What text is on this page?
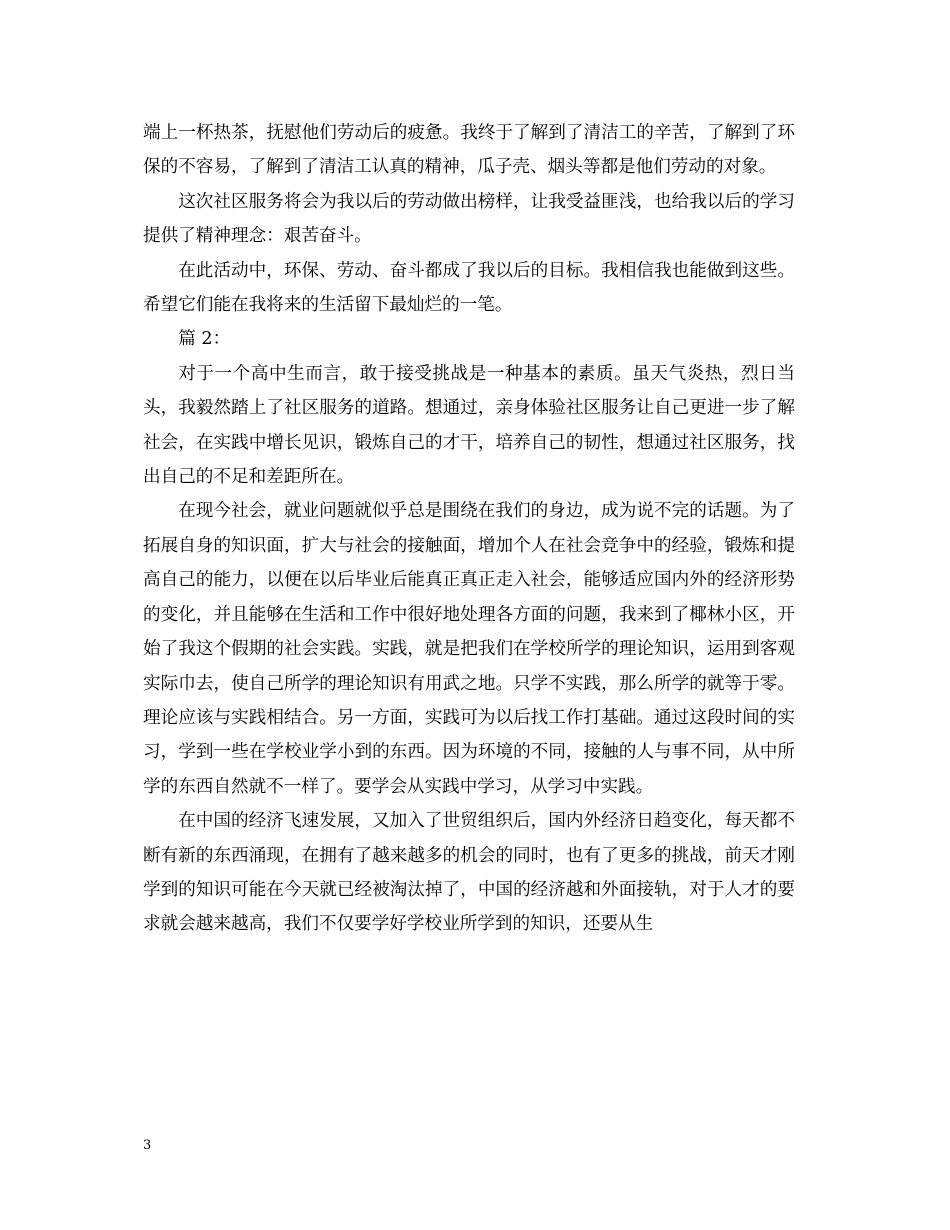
端上一杯热茶，抚慰他们劳动后的疲惫。我终于了解到了清洁工的辛苦，了解到了环保的不容易，了解到了清洁工认真的精神，瓜子壳、烟头等都是他们劳动的对象。

这次社区服务将会为我以后的劳动做出榜样，让我受益匪浅，也给我以后的学习提供了精神理念：艰苦奋斗。

在此活动中，环保、劳动、奋斗都成了我以后的目标。我相信我也能做到这些。希望它们能在我将来的生活留下最灿烂的一笔。

篇 2：

对于一个高中生而言，敢于接受挑战是一种基本的素质。虽天气炎热，烈日当头，我毅然踏上了社区服务的道路。想通过，亲身体验社区服务让自己更进一步了解社会，在实践中增长见识，锻炼自己的才干，培养自己的韧性，想通过社区服务，找出自己的不足和差距所在。

在现今社会，就业问题就似乎总是围绕在我们的身边，成为说不完的话题。为了拓展自身的知识面，扩大与社会的接触面，增加个人在社会竞争中的经验，锻炼和提高自己的能力，以便在以后毕业后能真正真正走入社会，能够适应国内外的经济形势的变化，并且能够在生活和工作中很好地处理各方面的问题，我来到了椰林小区，开始了我这个假期的社会实践。实践，就是把我们在学校所学的理论知识，运用到客观实际巾去，使自己所学的理论知识有用武之地。只学不实践，那么所学的就等于零。理论应该与实践相结合。另一方面，实践可为以后找工作打基础。通过这段时间的实习，学到一些在学校业学小到的东西。因为环境的不同，接触的人与事不同，从中所学的东西自然就不一样了。要学会从实践中学习，从学习中实践。

在中国的经济飞速发展，又加入了世贸组织后，国内外经济日趋变化，每天都不断有新的东西涌现，在拥有了越来越多的机会的同时，也有了更多的挑战，前天才刚学到的知识可能在今天就已经被淘汰掉了，中国的经济越和外面接轨，对于人才的要求就会越来越高，我们不仅要学好学校业所学到的知识，还要从生

3
